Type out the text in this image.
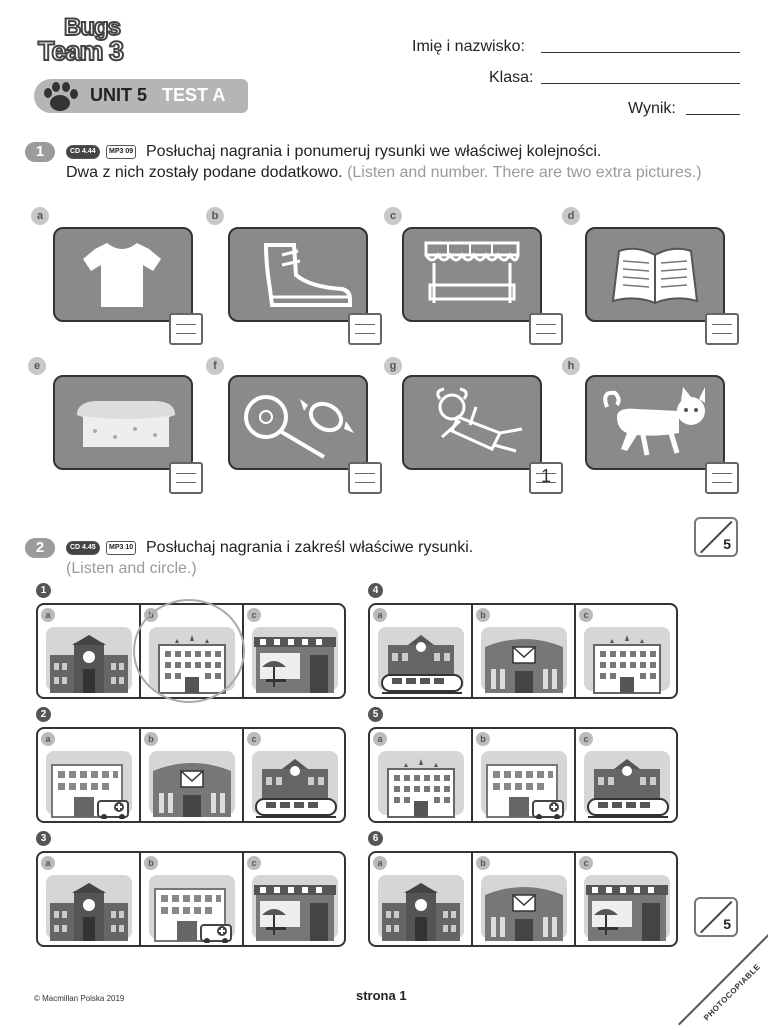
Bugs
Team 3
UNIT 5 TEST A
Imię i nazwisko:
Klasa:
Wynik:
1	CD 4.44	MP3 09 Posłuchaj nagrania i ponumeruj rysunki we właściwej kolejności.
Dwa z nich zostały podane dodatkowo. (Listen and number. There are two extra pictures.)
a	b	c	d
e	f	g
1
h
5
2	CD 4.45	MP3 10 Posłuchaj nagrania i zakreśl właściwe rysunki.
(Listen and circle.)
1
a	b	c
2
a	b	c
3
a	b	c
4
a	b	c
5
a	b	c
6
a	b	c
5
© Macmillan Polska 2019	strona 1	PHOTOCOPIABLE
